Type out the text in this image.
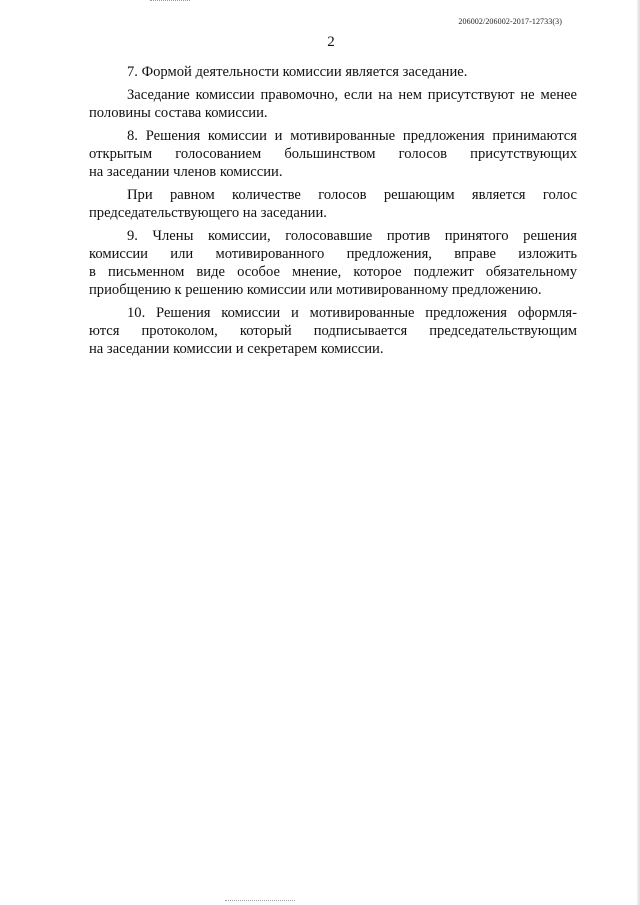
206002/206002-2017-12733(3)
2

7. Формой деятельности комиссии является заседание.

Заседание комиссии правомочно, если на нем присутствуют не менее
половины состава комиссии.

8. Решения комиссии и мотивированные предложения принимаются
открытым голосованием большинством голосов присутствующих
на заседании членов комиссии.

При равном количестве голосов решающим является голос
председательствующего на заседании.

9. Члены комиссии, голосовавшие против принятого решения
комиссии или мотивированного предложения, вправе изложить
в письменном виде особое мнение, которое подлежит обязательному
приобщению к решению комиссии или мотивированному предложению.

10. Решения комиссии и мотивированные предложения оформля-
ются протоколом, который подписывается председательствующим
на заседании комиссии и секретарем комиссии.
